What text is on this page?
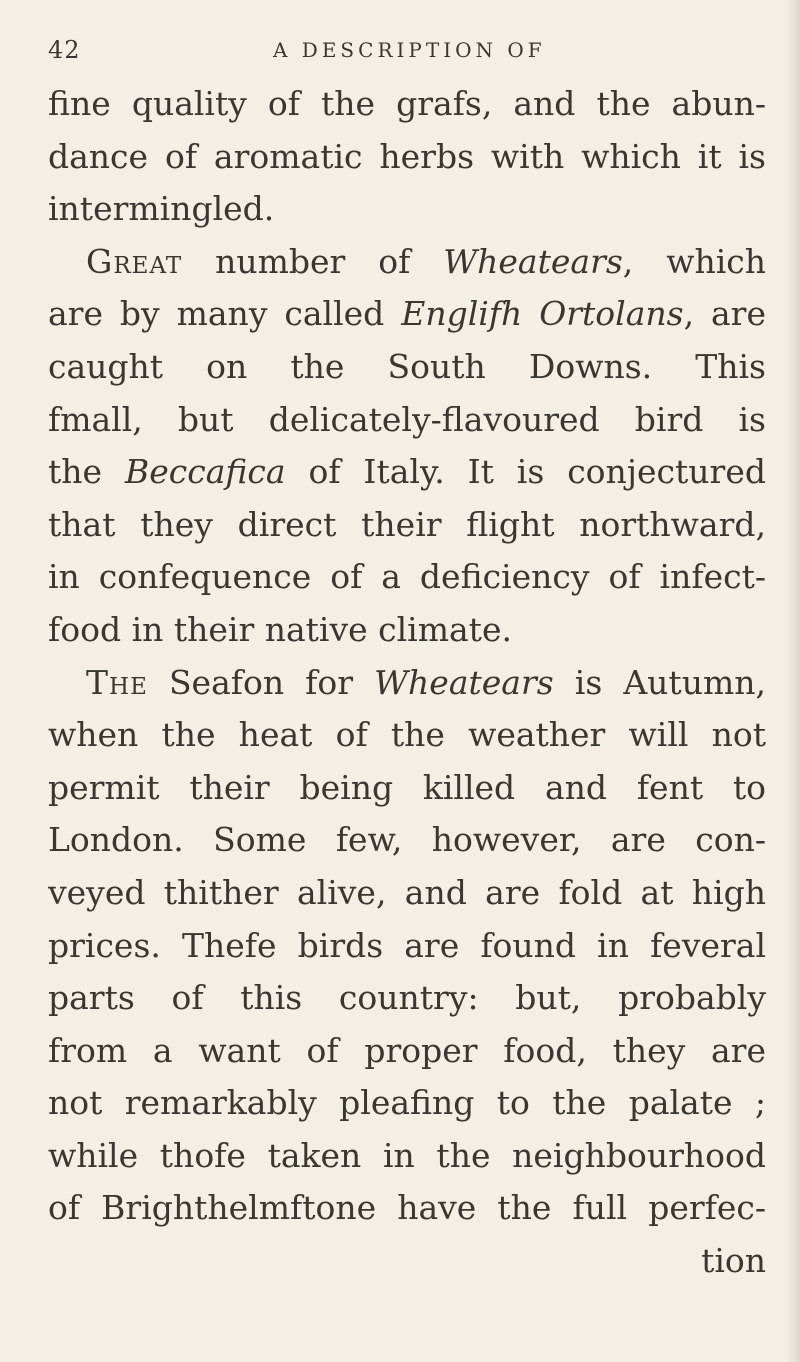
42	A DESCRIPTION OF
fine quality of the grafs, and the abun-
dance of aromatic herbs with which it is
intermingled.
Great number of Wheatears, which
are by many called Englifh Ortolans, are
caught on the South Downs. This
fmall, but delicately-flavoured bird is
the Beccafica of Italy. It is conjectured
that they direct their flight northward,
in confequence of a deficiency of infect-
food in their native climate.
The Seafon for Wheatears is Autumn,
when the heat of the weather will not
permit their being killed and fent to
London. Some few, however, are con-
veyed thither alive, and are fold at high
prices. Thefe birds are found in feveral
parts of this country: but, probably
from a want of proper food, they are
not remarkably pleafing to the palate ;
while thofe taken in the neighbourhood
of Brighthelmftone have the full perfec-
tion
